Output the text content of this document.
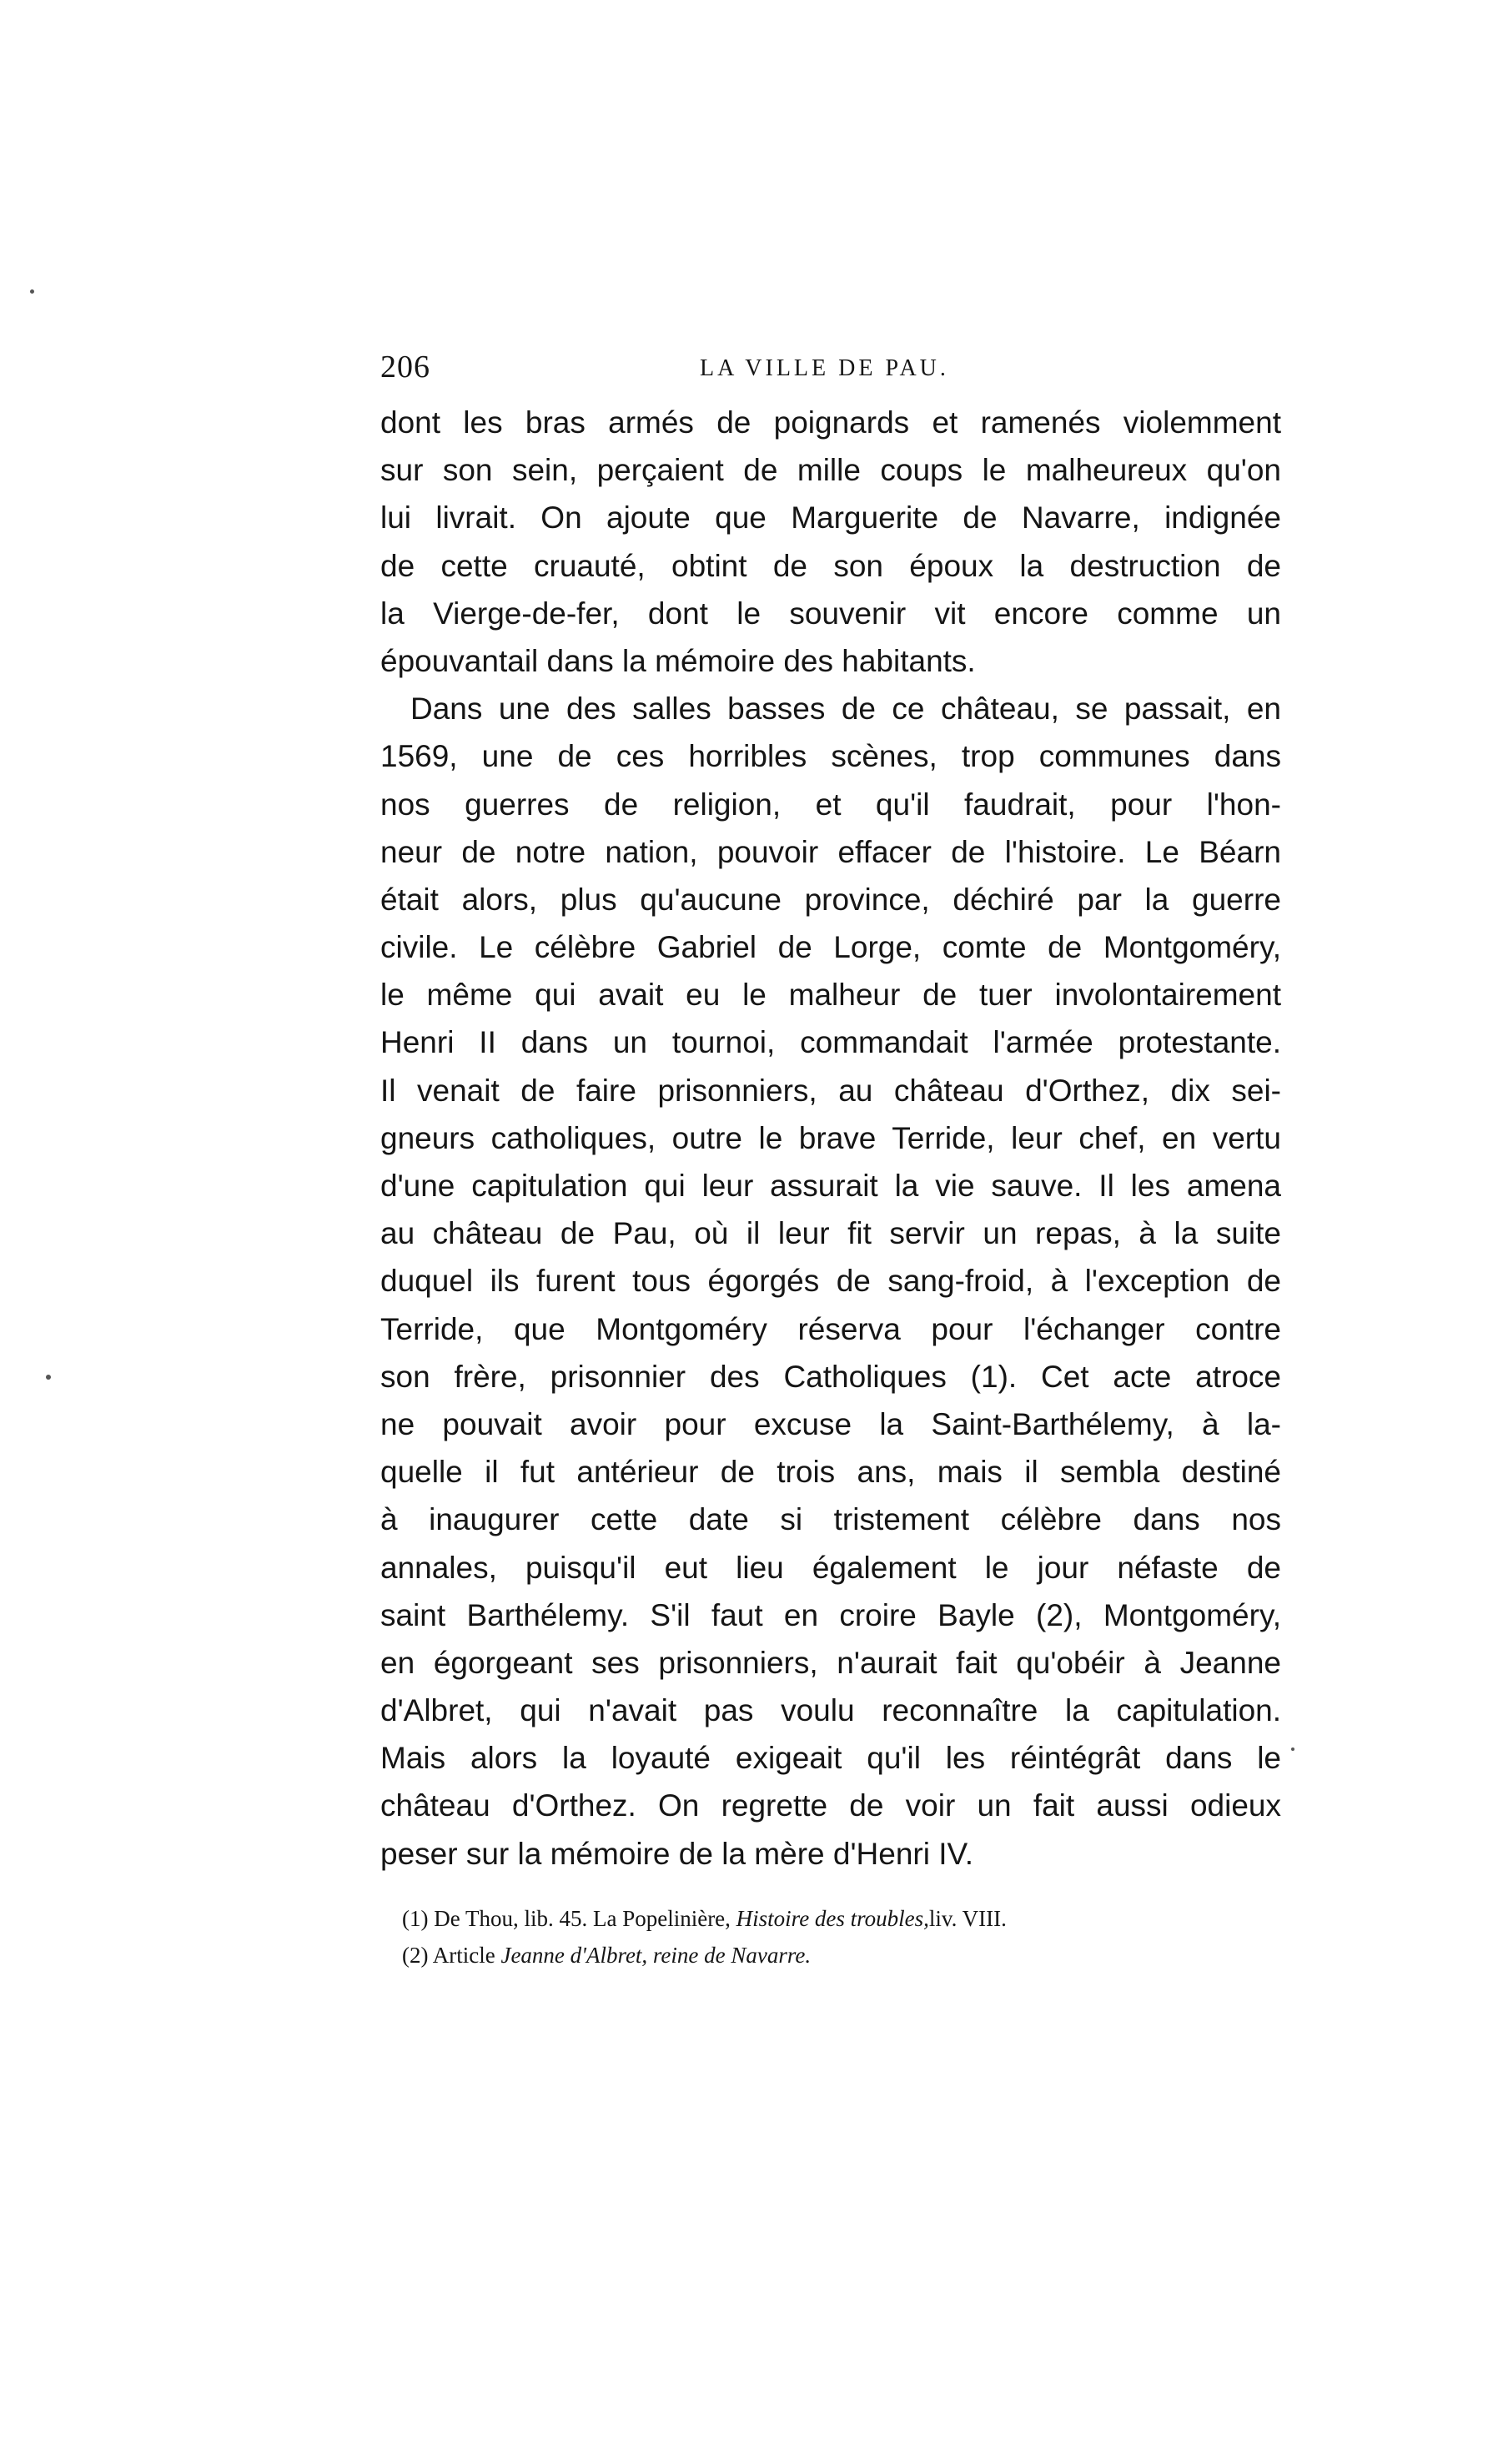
206	LA VILLE DE PAU.
dont les bras armés de poignards et ramenés violemment
sur son sein, perçaient de mille coups le malheureux qu'on
lui livrait. On ajoute que Marguerite de Navarre, indignée
de cette cruauté, obtint de son époux la destruction de
la Vierge-de-fer, dont le souvenir vit encore comme un
épouvantail dans la mémoire des habitants.
Dans une des salles basses de ce château, se passait, en
1569, une de ces horribles scènes, trop communes dans
nos guerres de religion, et qu'il faudrait, pour l'hon-
neur de notre nation, pouvoir effacer de l'histoire. Le Béarn
était alors, plus qu'aucune province, déchiré par la guerre
civile. Le célèbre Gabriel de Lorge, comte de Montgoméry,
le même qui avait eu le malheur de tuer involontairement
Henri II dans un tournoi, commandait l'armée protestante.
Il venait de faire prisonniers, au château d'Orthez, dix sei-
gneurs catholiques, outre le brave Terride, leur chef, en vertu
d'une capitulation qui leur assurait la vie sauve. Il les amena
au château de Pau, où il leur fit servir un repas, à la suite
duquel ils furent tous égorgés de sang-froid, à l'exception de
Terride, que Montgoméry réserva pour l'échanger contre
son frère, prisonnier des Catholiques (1). Cet acte atroce
ne pouvait avoir pour excuse la Saint-Barthélemy, à la-
quelle il fut antérieur de trois ans, mais il sembla destiné
à inaugurer cette date si tristement célèbre dans nos
annales, puisqu'il eut lieu également le jour néfaste de
saint Barthélemy. S'il faut en croire Bayle (2), Montgoméry,
en égorgeant ses prisonniers, n'aurait fait qu'obéir à Jeanne
d'Albret, qui n'avait pas voulu reconnaître la capitulation.
Mais alors la loyauté exigeait qu'il les réintégrât dans le
château d'Orthez. On regrette de voir un fait aussi odieux
peser sur la mémoire de la mère d'Henri IV.
(1) De Thou, lib. 45. La Popelinière, Histoire des troubles,liv. VIII.
(2) Article Jeanne d'Albret, reine de Navarre.
